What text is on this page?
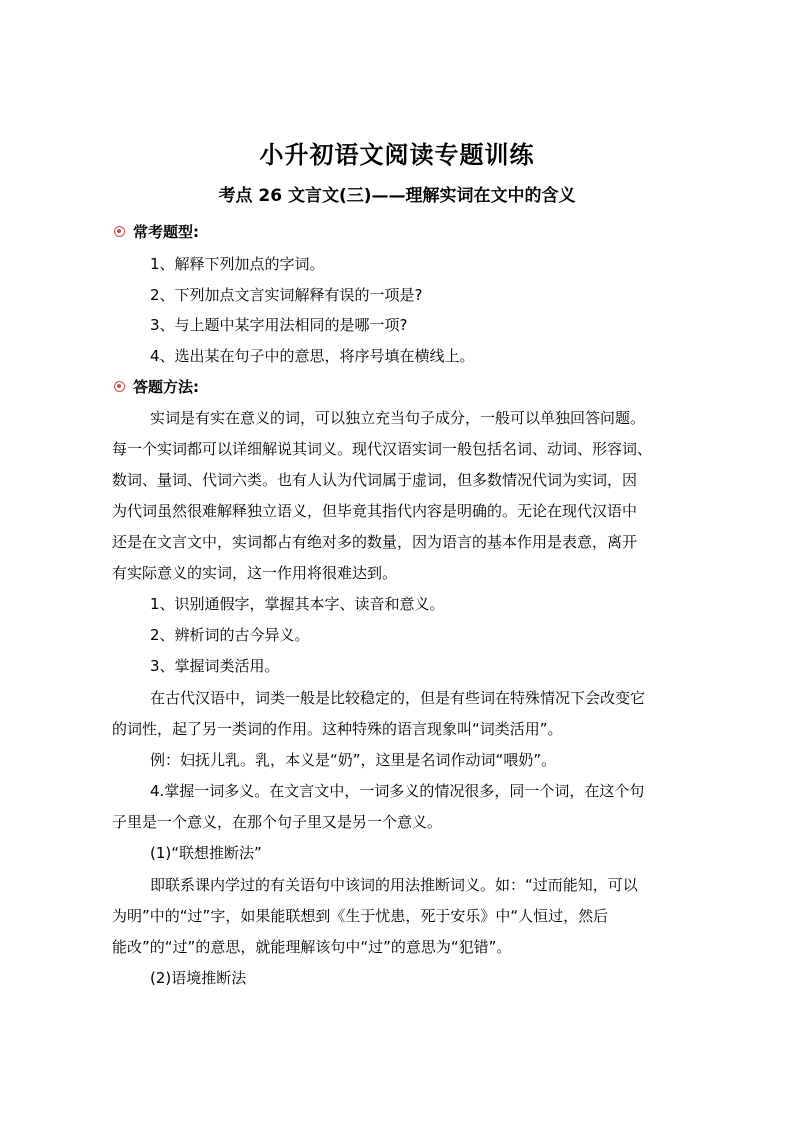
小升初语文阅读专题训练
考点 26 文言文(三)——理解实词在文中的含义
常考题型:
1、解释下列加点的字词。
2、下列加点文言实词解释有误的一项是?
3、与上题中某字用法相同的是哪一项?
4、选出某在句子中的意思，将序号填在横线上。
答题方法:
实词是有实在意义的词，可以独立充当句子成分，一般可以单独回答问题。
每一个实词都可以详细解说其词义。现代汉语实词一般包括名词、动词、形容词、
数词、量词、代词六类。也有人认为代词属于虚词，但多数情况代词为实词，因
为代词虽然很难解释独立语义，但毕竟其指代内容是明确的。无论在现代汉语中
还是在文言文中，实词都占有绝对多的数量，因为语言的基本作用是表意，离开
有实际意义的实词，这一作用将很难达到。
1、识别通假字，掌握其本字、读音和意义。
2、辨析词的古今异义。
3、掌握词类活用。
在古代汉语中，词类一般是比较稳定的，但是有些词在特殊情况下会改变它
的词性，起了另一类词的作用。这种特殊的语言现象叫“词类活用”。
例：妇抚儿乳。乳，本义是“奶”，这里是名词作动词“喂奶”。
4.掌握一词多义。在文言文中，一词多义的情况很多，同一个词，在这个句
子里是一个意义，在那个句子里又是另一个意义。
(1)“联想推断法”
即联系课内学过的有关语句中该词的用法推断词义。如：“过而能知，可以
为明”中的“过”字，如果能联想到《生于忧患，死于安乐》中“人恒过，然后
能改”的“过”的意思，就能理解该句中“过”的意思为“犯错”。
(2)语境推断法
